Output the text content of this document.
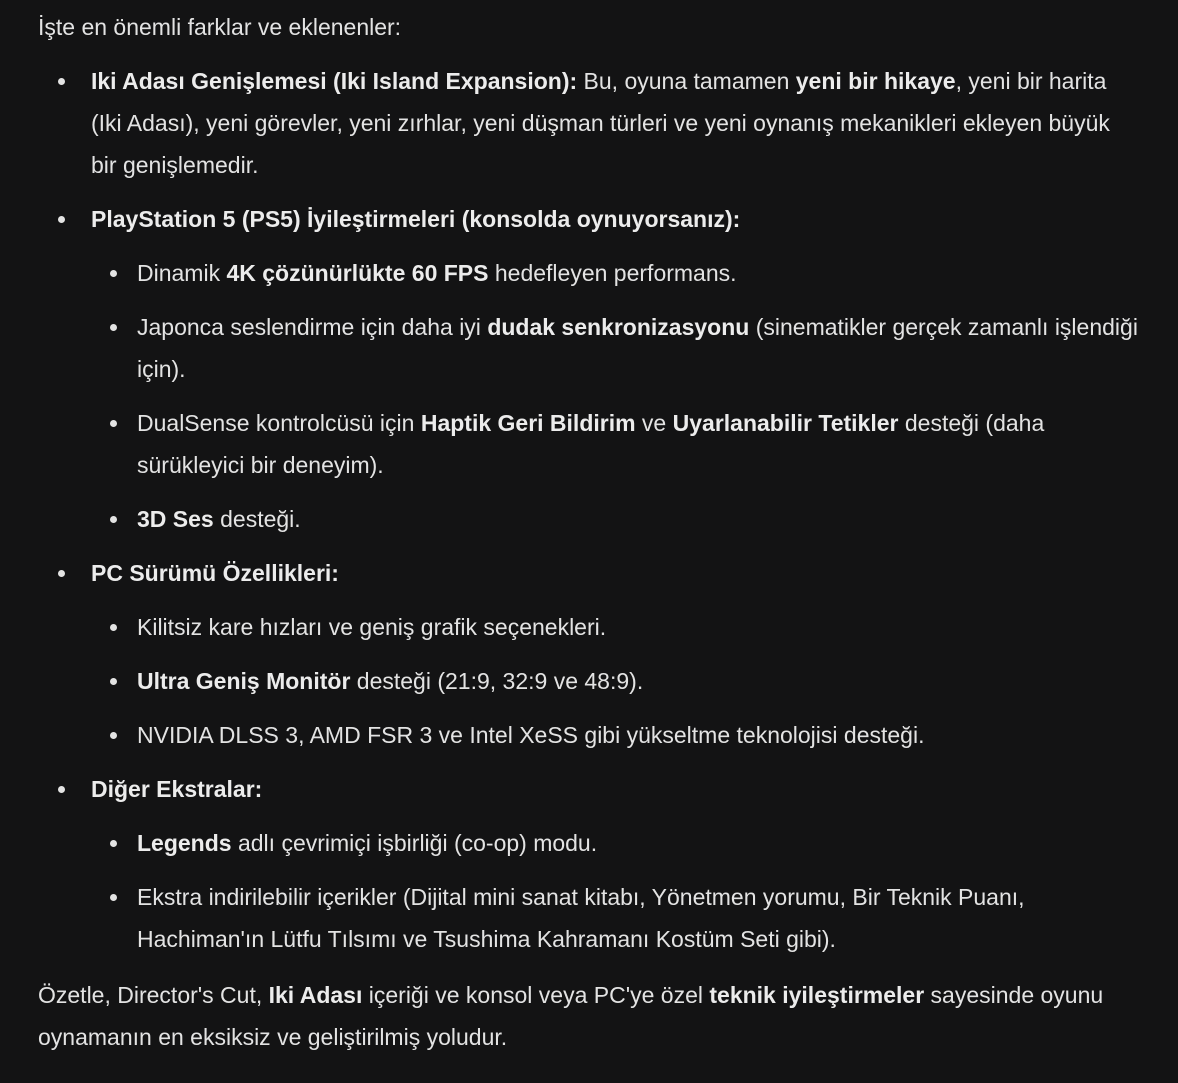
İşte en önemli farklar ve eklenenler:

Iki Adası Genişlemesi (Iki Island Expansion): Bu, oyuna tamamen yeni bir hikaye, yeni bir harita (Iki Adası), yeni görevler, yeni zırhlar, yeni düşman türleri ve yeni oynanış mekanikleri ekleyen büyük bir genişlemedir.
PlayStation 5 (PS5) İyileştirmeleri (konsolda oynuyorsanız):
Dinamik 4K çözünürlükte 60 FPS hedefleyen performans.
Japonca seslendirme için daha iyi dudak senkronizasyonu (sinematikler gerçek zamanlı işlendiği için).
DualSense kontrolcüsü için Haptik Geri Bildirim ve Uyarlanabilir Tetikler desteği (daha sürükleyici bir deneyim).
3D Ses desteği.
PC Sürümü Özellikleri:
Kilitsiz kare hızları ve geniş grafik seçenekleri.
Ultra Geniş Monitör desteği (21:9, 32:9 ve 48:9).
NVIDIA DLSS 3, AMD FSR 3 ve Intel XeSS gibi yükseltme teknolojisi desteği.
Diğer Ekstralar:
Legends adlı çevrimiçi işbirliği (co-op) modu.
Ekstra indirilebilir içerikler (Dijital mini sanat kitabı, Yönetmen yorumu, Bir Teknik Puanı, Hachiman'ın Lütfu Tılsımı ve Tsushima Kahramanı Kostüm Seti gibi).

Özetle, Director's Cut, Iki Adası içeriği ve konsol veya PC'ye özel teknik iyileştirmeler sayesinde oyunu oynamanın en eksiksiz ve geliştirilmiş yoludur.
